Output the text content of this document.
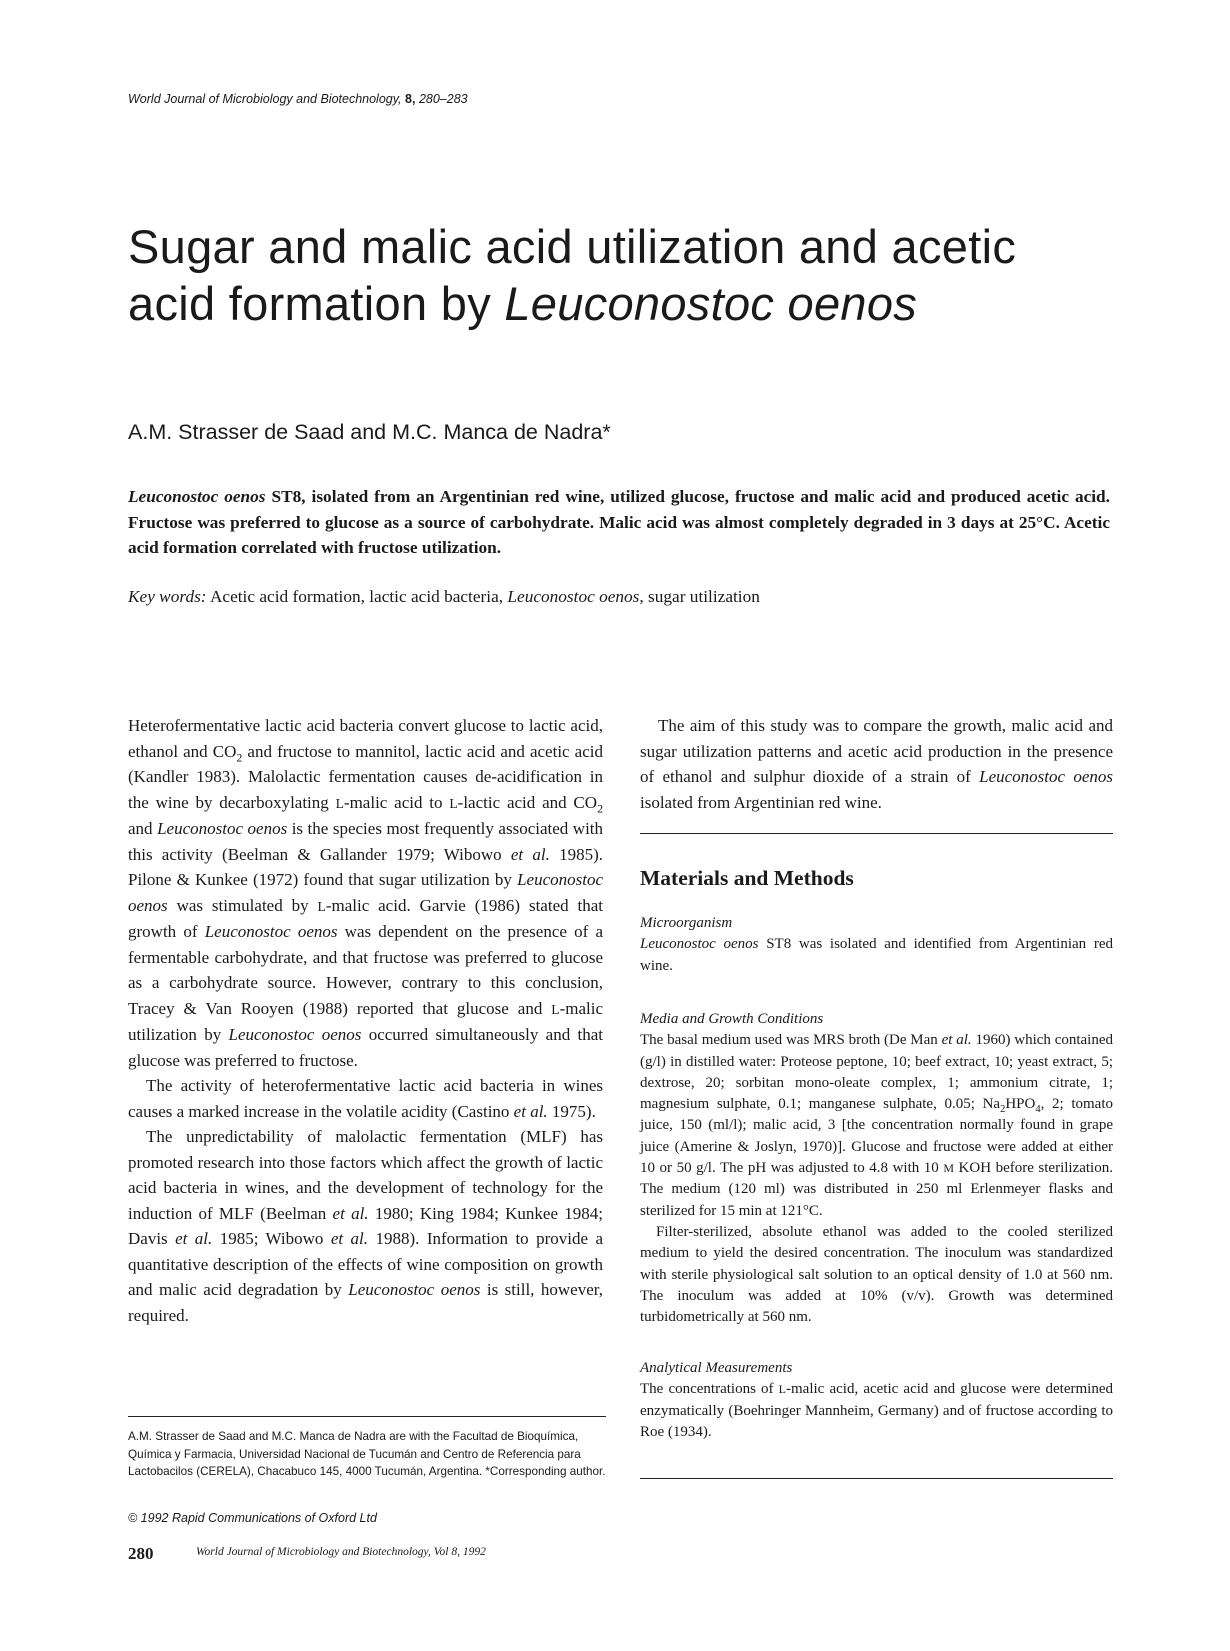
World Journal of Microbiology and Biotechnology, 8, 280–283
Sugar and malic acid utilization and acetic
acid formation by Leuconostoc oenos
A.M. Strasser de Saad and M.C. Manca de Nadra*

Leuconostoc oenos ST8, isolated from an Argentinian red wine, utilized glucose, fructose and malic acid and produced acetic acid. Fructose was preferred to glucose as a source of carbohydrate. Malic acid was almost completely degraded in 3 days at 25°C. Acetic acid formation correlated with fructose utilization.

Key words: Acetic acid formation, lactic acid bacteria, Leuconostoc oenos, sugar utilization

Heterofermentative lactic acid bacteria convert glucose to lactic acid, ethanol and $CO_2$ and fructose to mannitol, lactic acid and acetic acid (Kandler 1983). Malolactic fermentation causes de-acidification in the wine by decarboxylating L-malic acid to L-lactic acid and $CO_2$ and Leuconostoc oenos is the species most frequently associated with this activity (Beelman & Gallander 1979; Wibowo et al. 1985). Pilone & Kunkee (1972) found that sugar utilization by Leuconostoc oenos was stimulated by L-malic acid. Garvie (1986) stated that growth of Leuconostoc oenos was dependent on the presence of a fermentable carbohydrate, and that fructose was preferred to glucose as a carbohydrate source. However, contrary to this conclusion, Tracey & Van Rooyen (1988) reported that glucose and L-malic utilization by Leuconostoc oenos occurred simultaneously and that glucose was preferred to fructose.

The activity of heterofermentative lactic acid bacteria in wines causes a marked increase in the volatile acidity (Castino et al. 1975).

The unpredictability of malolactic fermentation (MLF) has promoted research into those factors which affect the growth of lactic acid bacteria in wines, and the development of technology for the induction of MLF (Beelman et al. 1980; King 1984; Kunkee 1984; Davis et al. 1985; Wibowo et al. 1988). Information to provide a quantitative description of the effects of wine composition on growth and malic acid degradation by Leuconostoc oenos is still, however, required.

A.M. Strasser de Saad and M.C. Manca de Nadra are with the Facultad de Bioquímica, Química y Farmacia, Universidad Nacional de Tucumán and Centro de Referencia para Lactobacilos (CERELA), Chacabuco 145, 4000 Tucumán, Argentina. *Corresponding author.

© 1992 Rapid Communications of Oxford Ltd
280	World Journal of Microbiology and Biotechnology, Vol 8, 1992

The aim of this study was to compare the growth, malic acid and sugar utilization patterns and acetic acid production in the presence of ethanol and sulphur dioxide of a strain of Leuconostoc oenos isolated from Argentinian red wine.

Materials and Methods

Microorganism

Leuconostoc oenos ST8 was isolated and identified from Argentinian red wine.

Media and Growth Conditions

The basal medium used was MRS broth (De Man et al. 1960) which contained (g/l) in distilled water: Proteose peptone, 10; beef extract, 10; yeast extract, 5; dextrose, 20; sorbitan mono-oleate complex, 1; ammonium citrate, 1; magnesium sulphate, 0.1; manganese sulphate, 0.05; $Na_2HPO_4$, 2; tomato juice, 150 (ml/l); malic acid, 3 [the concentration normally found in grape juice (Amerine & Joslyn, 1970)]. Glucose and fructose were added at either 10 or 50 g/l. The pH was adjusted to 4.8 with 10 M KOH before sterilization. The medium (120 ml) was distributed in 250 ml Erlenmeyer flasks and sterilized for 15 min at 121°C.

Filter-sterilized, absolute ethanol was added to the cooled sterilized medium to yield the desired concentration. The inoculum was standardized with sterile physiological salt solution to an optical density of 1.0 at 560 nm. The inoculum was added at 10% (v/v). Growth was determined turbidometrically at 560 nm.

Analytical Measurements

The concentrations of L-malic acid, acetic acid and glucose were determined enzymatically (Boehringer Mannheim, Germany) and of fructose according to Roe (1934).
